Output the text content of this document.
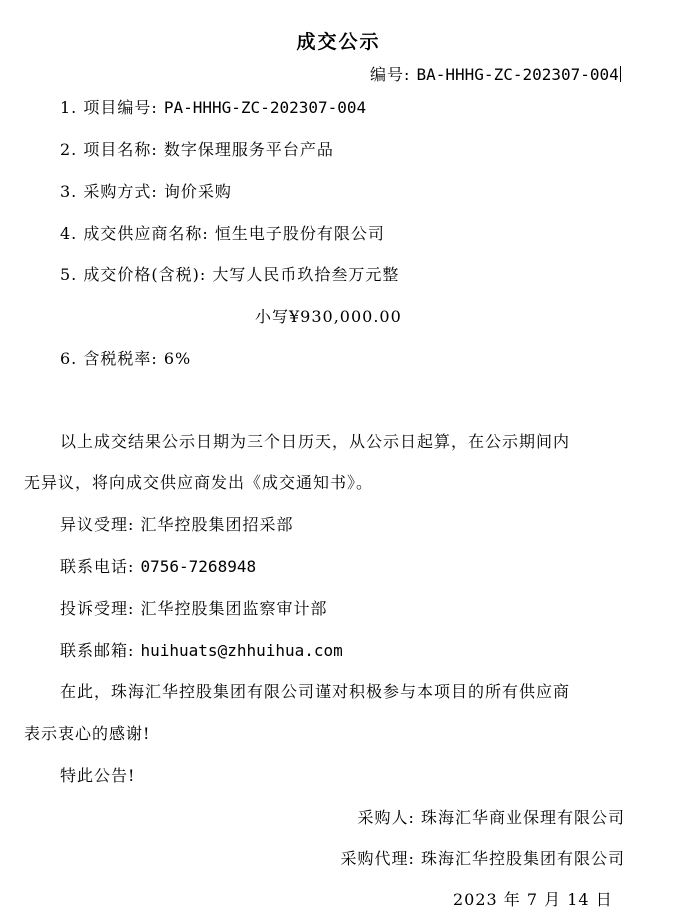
成交公示
编号: BA-HHHG-ZC-202307-004
1. 项目编号: PA-HHHG-ZC-202307-004
2. 项目名称: 数字保理服务平台产品
3. 采购方式: 询价采购
4. 成交供应商名称: 恒生电子股份有限公司
5. 成交价格(含税): 大写人民币玖拾叁万元整
小写¥930,000.00
6. 含税税率: 6%
以上成交结果公示日期为三个日历天，从公示日起算，在公示期间内
无异议，将向成交供应商发出《成交通知书》。
异议受理: 汇华控股集团招采部
联系电话: 0756-7268948
投诉受理: 汇华控股集团监察审计部
联系邮箱: huihuats@zhhuihua.com
在此，珠海汇华控股集团有限公司谨对积极参与本项目的所有供应商
表示衷心的感谢!
特此公告!
采购人: 珠海汇华商业保理有限公司
采购代理: 珠海汇华控股集团有限公司
2023 年 7 月 14 日
